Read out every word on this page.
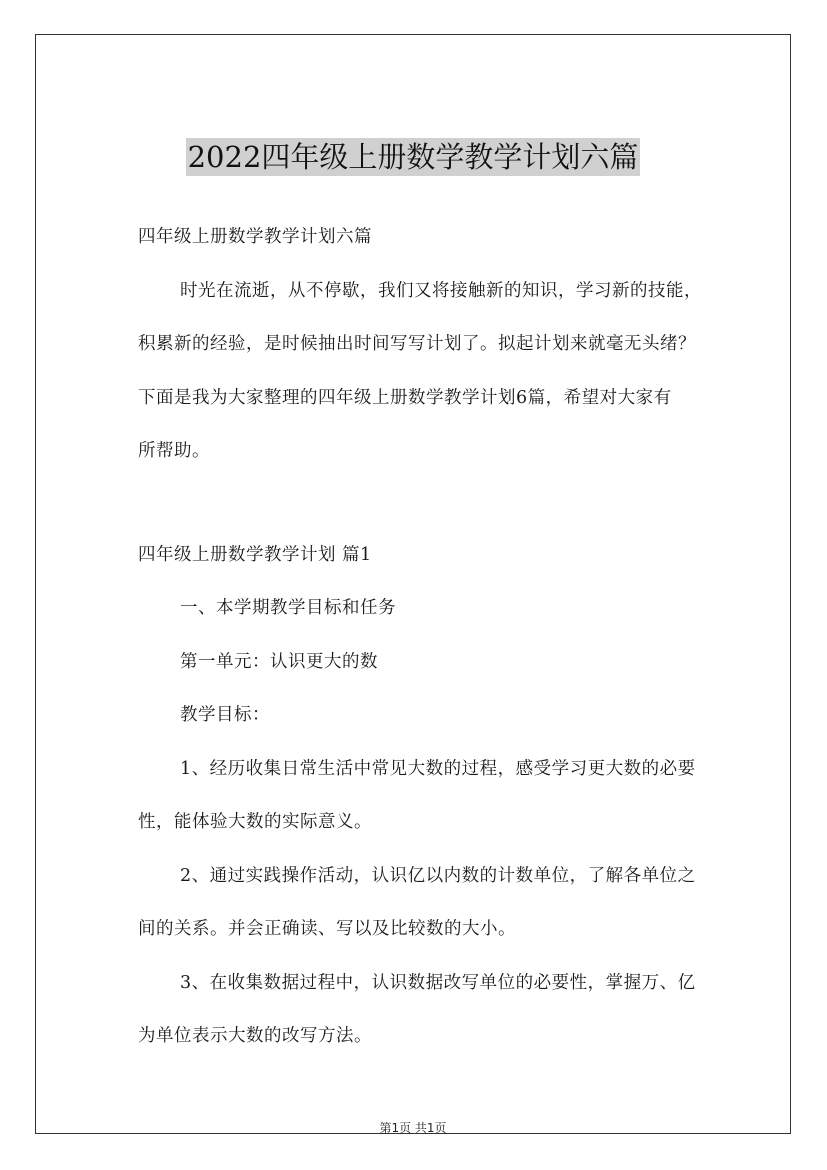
2022四年级上册数学教学计划六篇

四年级上册数学教学计划六篇

时光在流逝，从不停歇，我们又将接触新的知识，学习新的技能，

积累新的经验，是时候抽出时间写写计划了。拟起计划来就毫无头绪？

下面是我为大家整理的四年级上册数学教学计划6篇，希望对大家有

所帮助。

四年级上册数学教学计划 篇1

一、本学期教学目标和任务

第一单元：认识更大的数

教学目标：

1、经历收集日常生活中常见大数的过程，感受学习更大数的必要

性，能体验大数的实际意义。

2、通过实践操作活动，认识亿以内数的计数单位，了解各单位之

间的关系。并会正确读、写以及比较数的大小。

3、在收集数据过程中，认识数据改写单位的必要性，掌握万、亿

为单位表示大数的改写方法。

第1页 共1页
